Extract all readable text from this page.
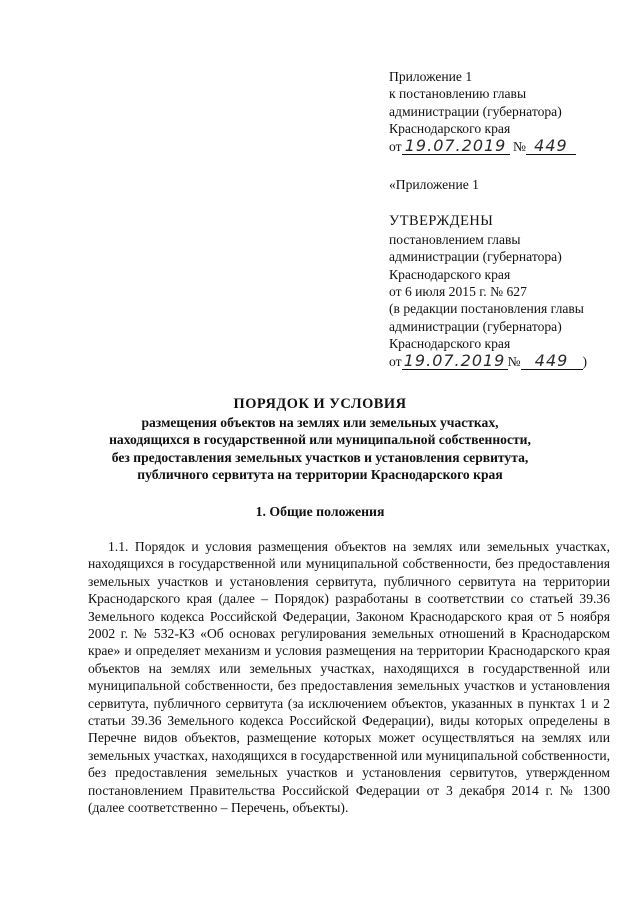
Приложение 1
к постановлению главы
администрации (губернатора)
Краснодарского края
от 19.07.2019 № 449
«Приложение 1
УТВЕРЖДЕНЫ
постановлением главы
администрации (губернатора)
Краснодарского края
от 6 июля 2015 г. № 627
(в редакции постановления главы
администрации (губернатора)
Краснодарского края
от 19.07.2019 № 449 )
ПОРЯДОК И УСЛОВИЯ
размещения объектов на землях или земельных участках,
находящихся в государственной или муниципальной собственности,
без предоставления земельных участков и установления сервитута,
публичного сервитута на территории Краснодарского края
1. Общие положения
1.1. Порядок и условия размещения объектов на землях или земельных участках, находящихся в государственной или муниципальной собственности, без предоставления земельных участков и установления сервитута, публичного сервитута на территории Краснодарского края (далее – Порядок) разработаны в соответствии со статьей 39.36 Земельного кодекса Российской Федерации, Законом Краснодарского края от 5 ноября 2002 г. № 532-КЗ «Об основах регулирования земельных отношений в Краснодарском крае» и определяет механизм и условия размещения на территории Краснодарского края объектов на землях или земельных участках, находящихся в государственной или муниципальной собственности, без предоставления земельных участков и установления сервитута, публичного сервитута (за исключением объектов, указанных в пунктах 1 и 2 статьи 39.36 Земельного кодекса Российской Федерации), виды которых определены в Перечне видов объектов, размещение которых может осуществляться на землях или земельных участках, находящихся в государственной или муниципальной собственности, без предоставления земельных участков и установления сервитутов, утвержденном постановлением Правительства Российской Федерации от 3 декабря 2014 г. № 1300 (далее соответственно – Перечень, объекты).
